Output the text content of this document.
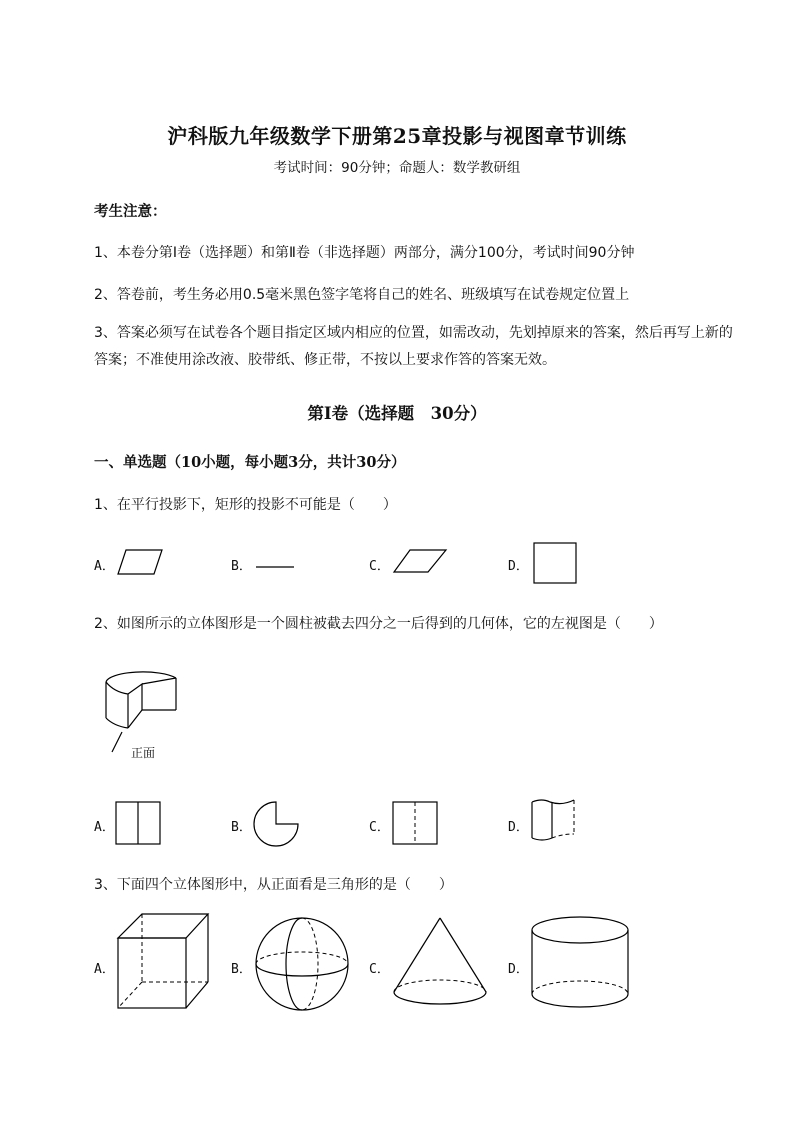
沪科版九年级数学下册第25章投影与视图章节训练
考试时间：90分钟；命题人：数学教研组
考生注意：
1、本卷分第I卷（选择题）和第Ⅱ卷（非选择题）两部分，满分100分，考试时间90分钟
2、答卷前，考生务必用0.5毫米黑色签字笔将自己的姓名、班级填写在试卷规定位置上
3、答案必须写在试卷各个题目指定区域内相应的位置，如需改动，先划掉原来的答案，然后再写上新的答案；不准使用涂改液、胶带纸、修正带，不按以上要求作答的答案无效。
第I卷（选择题　30分）
一、单选题（10小题，每小题3分，共计30分）
1、在平行投影下，矩形的投影不可能是（　　）
A．	B．	C．	D．
2、如图所示的立体图形是一个圆柱被截去四分之一后得到的几何体，它的左视图是（　　）
正面
A．	B．	C．	D．
3、下面四个立体图形中，从正面看是三角形的是（　　）
A．	B．	C．	D．
